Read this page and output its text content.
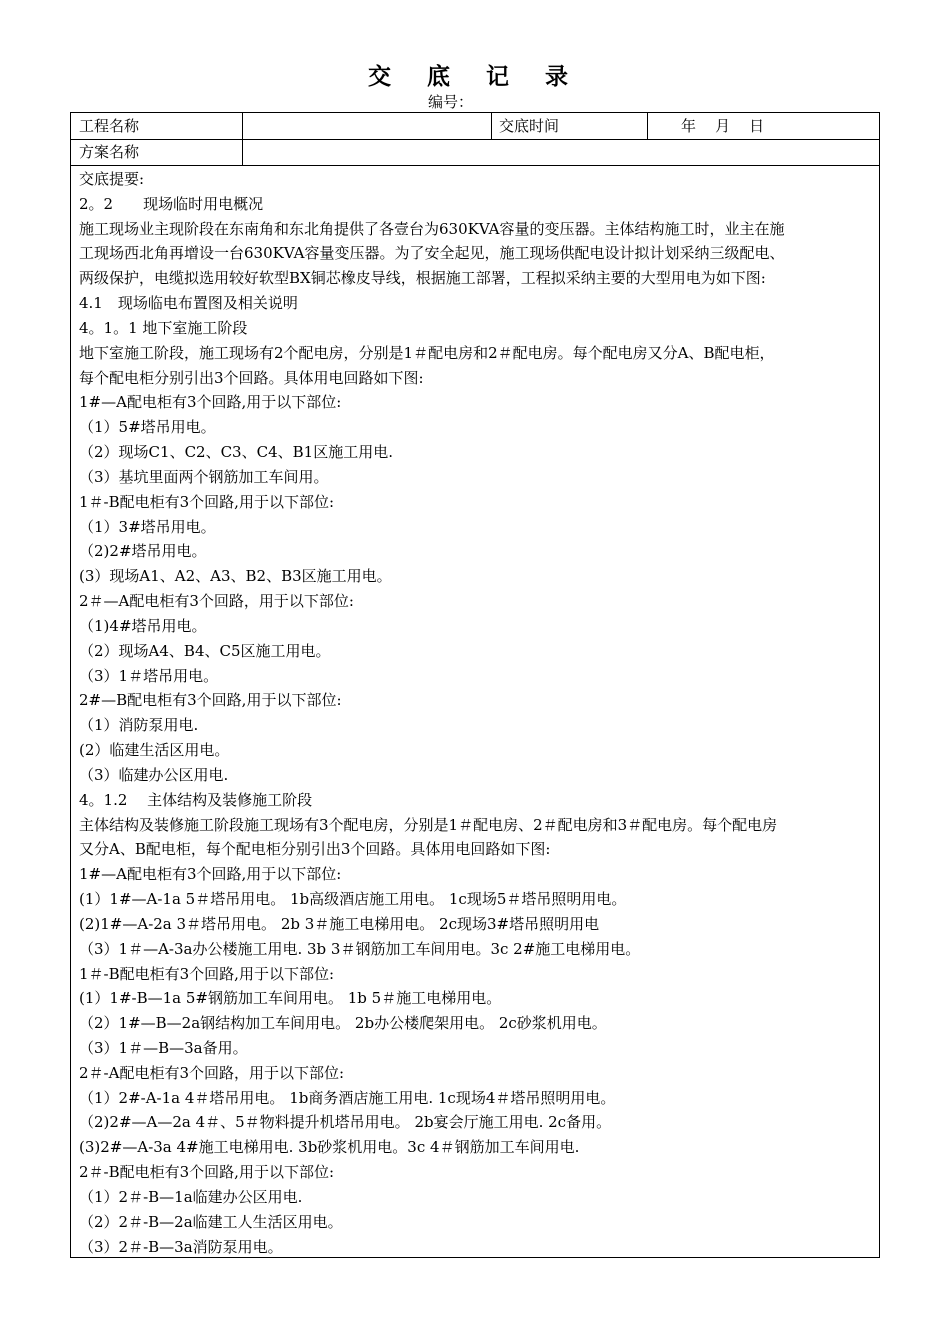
交 底 记 录
编号：
工程名称	交底时间	年    月    日
方案名称
交底提要:
2。2　　现场临时用电概况
施工现场业主现阶段在东南角和东北角提供了各壹台为630KVA容量的变压器。主体结构施工时，业主在施
工现场西北角再增设一台630KVA容量变压器。为了安全起见，施工现场供配电设计拟计划采纳三级配电、
两级保护，电缆拟选用较好软型BX铜芯橡皮导线，根据施工部署，工程拟采纳主要的大型用电为如下图:
4.1　现场临电布置图及相关说明
4。1。1 地下室施工阶段
地下室施工阶段，施工现场有2个配电房，分别是1＃配电房和2＃配电房。每个配电房又分A、B配电柜，
每个配电柜分别引出3个回路。具体用电回路如下图:
1#—A配电柜有3个回路,用于以下部位:
（1）5#塔吊用电。
（2）现场C1、C2、C3、C4、B1区施工用电.
（3）基坑里面两个钢筋加工车间用。
1＃-B配电柜有3个回路,用于以下部位:
（1）3#塔吊用电。
（2)2#塔吊用电。
(3）现场A1、A2、A3、B2、B3区施工用电。
2＃—A配电柜有3个回路，用于以下部位:
（1)4#塔吊用电。
（2）现场A4、B4、C5区施工用电。
（3）1＃塔吊用电。
2#—B配电柜有3个回路,用于以下部位:
（1）消防泵用电.
(2）临建生活区用电。
（3）临建办公区用电.
4。1.2　 主体结构及装修施工阶段
主体结构及装修施工阶段施工现场有3个配电房，分别是1＃配电房、2＃配电房和3＃配电房。每个配电房
又分A、B配电柜，每个配电柜分别引出3个回路。具体用电回路如下图:
1#—A配电柜有3个回路,用于以下部位:
(1）1#—A-1a 5＃塔吊用电。 1b高级酒店施工用电。 1c现场5＃塔吊照明用电。
(2)1#—A-2a 3＃塔吊用电。 2b 3＃施工电梯用电。 2c现场3#塔吊照明用电
（3）1＃—A-3a办公楼施工用电. 3b 3＃钢筋加工车间用电。3c 2#施工电梯用电。
1＃-B配电柜有3个回路,用于以下部位:
(1）1#-B—1a 5#钢筋加工车间用电。 1b 5＃施工电梯用电。
（2）1#—B—2a钢结构加工车间用电。 2b办公楼爬架用电。 2c砂浆机用电。
（3）1＃—B—3a备用。
2＃-A配电柜有3个回路，用于以下部位:
（1）2#-A-1a 4＃塔吊用电。 1b商务酒店施工用电. 1c现场4＃塔吊照明用电。
（2)2#—A—2a 4＃、5＃物料提升机塔吊用电。 2b宴会厅施工用电. 2c备用。
(3)2#—A-3a 4#施工电梯用电. 3b砂浆机用电。3c 4＃钢筋加工车间用电.
2＃-B配电柜有3个回路,用于以下部位:
（1）2＃-B—1a临建办公区用电.
（2）2＃-B—2a临建工人生活区用电。
（3）2＃-B—3a消防泵用电。
